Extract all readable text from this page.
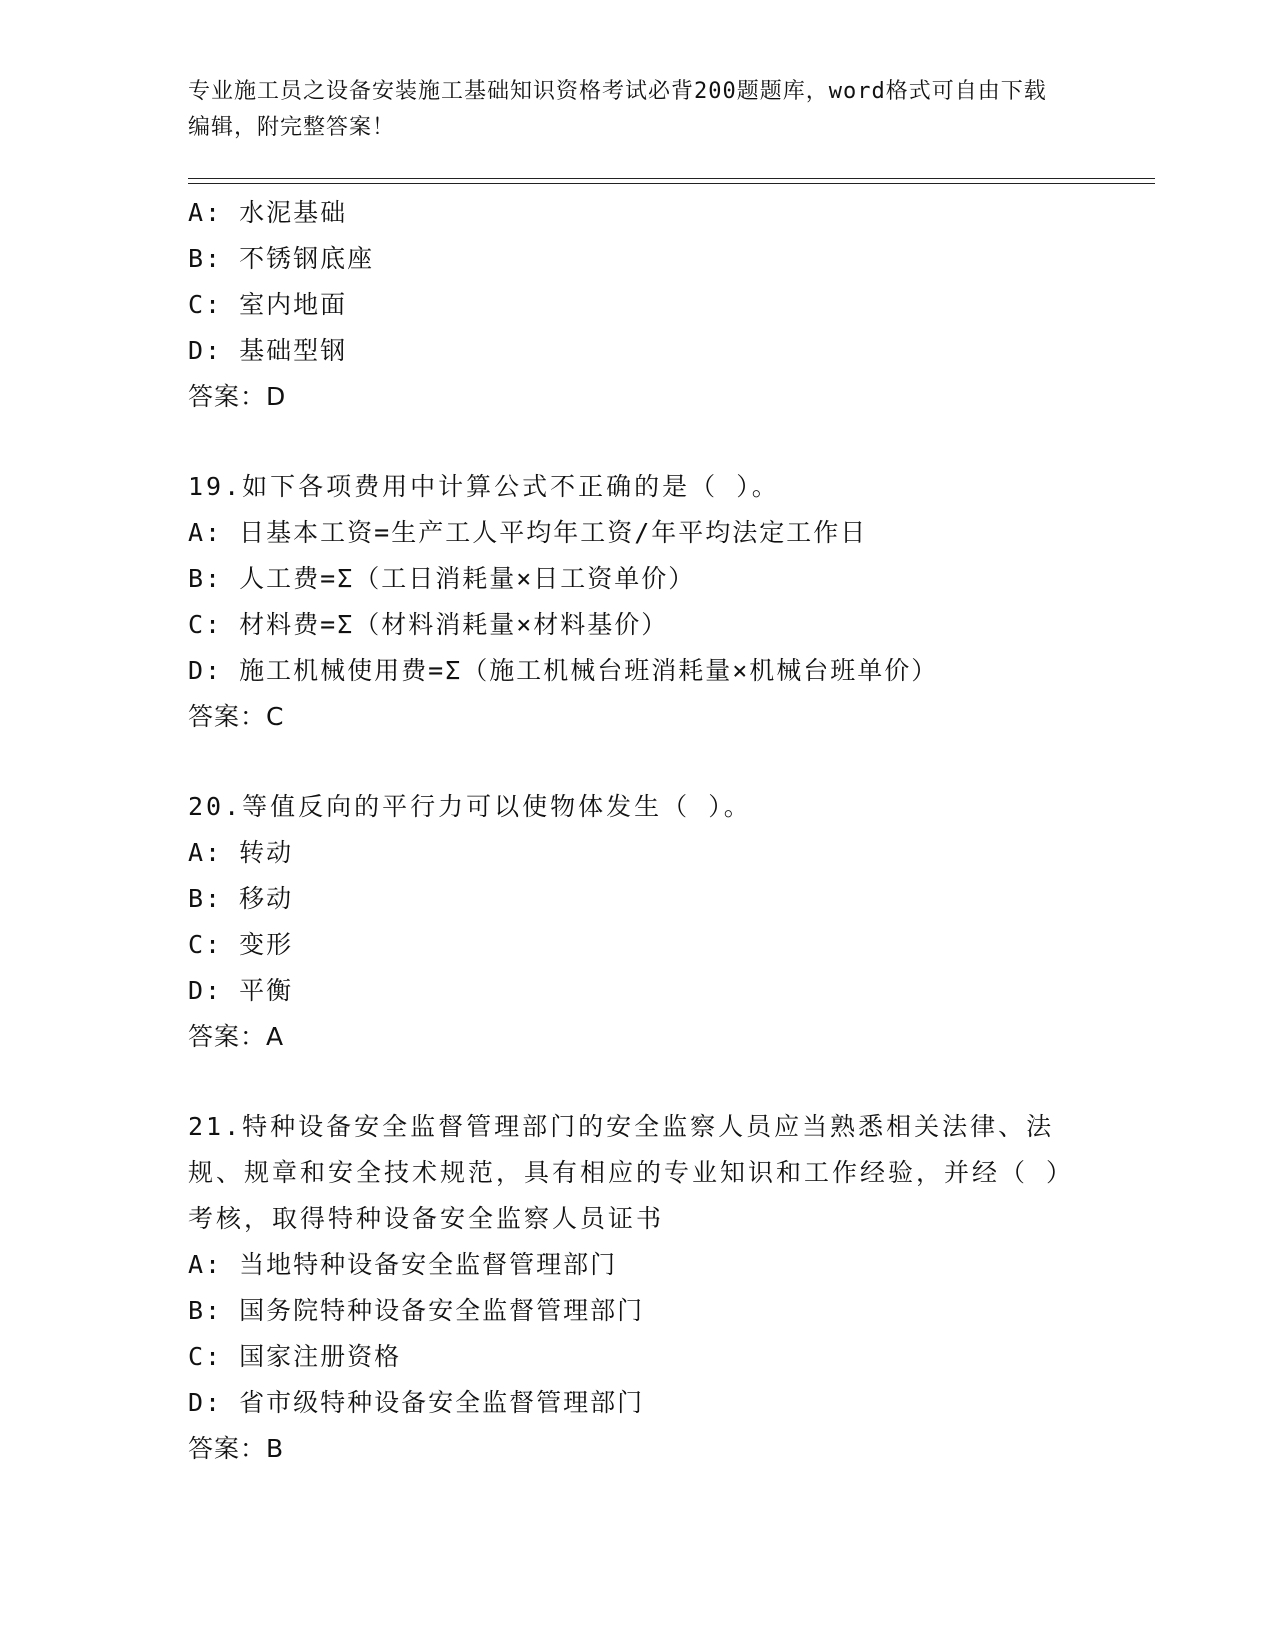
专业施工员之设备安装施工基础知识资格考试必背200题题库，word格式可自由下载编辑，附完整答案！
A: 水泥基础
B: 不锈钢底座
C: 室内地面
D: 基础型钢
答案：D
19.如下各项费用中计算公式不正确的是（ ）。
A: 日基本工资=生产工人平均年工资/年平均法定工作日
B: 人工费=Σ（工日消耗量×日工资单价）
C: 材料费=Σ（材料消耗量×材料基价）
D: 施工机械使用费=Σ（施工机械台班消耗量×机械台班单价）
答案：C
20.等值反向的平行力可以使物体发生（ ）。
A: 转动
B: 移动
C: 变形
D: 平衡
答案：A
21.特种设备安全监督管理部门的安全监察人员应当熟悉相关法律、法规、规章和安全技术规范，具有相应的专业知识和工作经验，并经（ ）考核，取得特种设备安全监察人员证书
A: 当地特种设备安全监督管理部门
B: 国务院特种设备安全监督管理部门
C: 国家注册资格
D: 省市级特种设备安全监督管理部门
答案：B
